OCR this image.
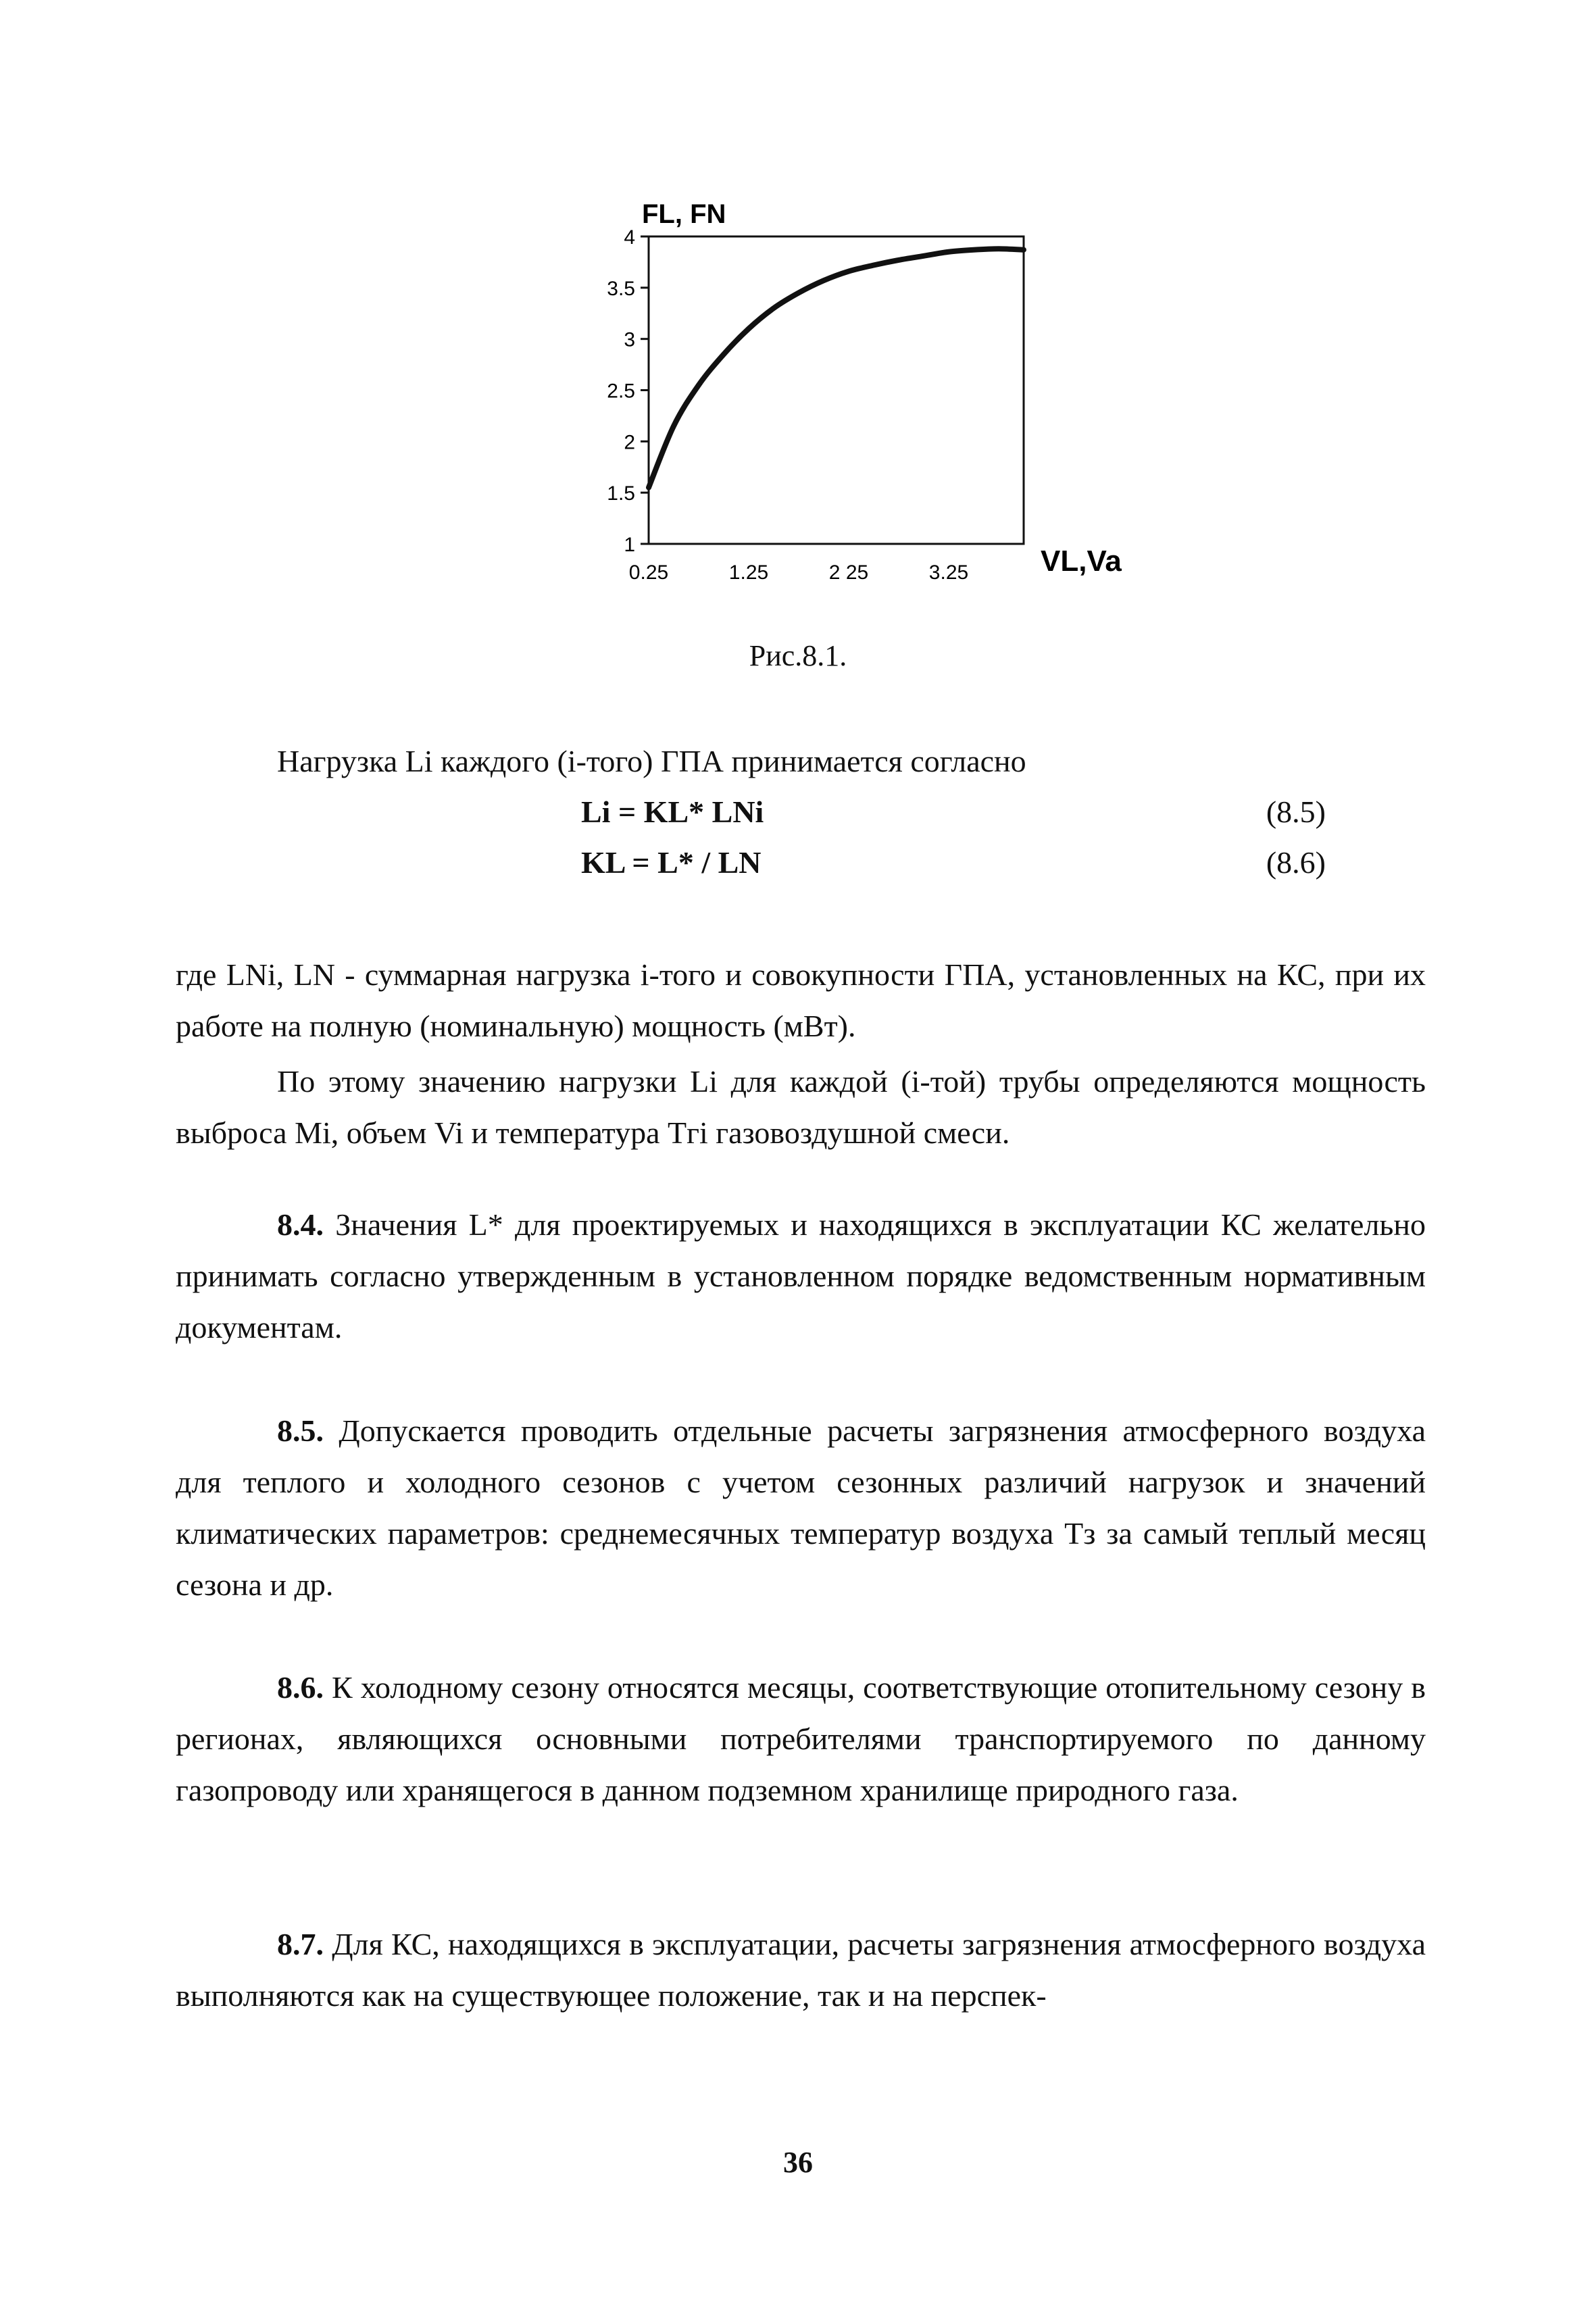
1
1.5
2
2.5
3
3.5
4
0.25	1.25	2 25	3.25
FL, FN
VL,Va
Рис.8.1.
Нагрузка Li каждого (i-того) ГПА принимается согласно
Li = KL* LNi	(8.5)
KL = L* / LN	(8.6)

где LNi, LN - суммарная нагрузка i-того и совокупности ГПА, установленных на КС, при их работе на полную (номинальную) мощность (мВт).

По этому значению нагрузки Li для каждой (i-той) трубы определяются мощность выброса Mi, объем Vi и температура Tгi газовоздушной смеси.

8.4. Значения L* для проектируемых и находящихся в эксплуатации КС желательно принимать согласно утвержденным в установленном порядке ведомственным нормативным документам.

8.5. Допускается проводить отдельные расчеты загрязнения атмосферного воздуха для теплого и холодного сезонов с учетом сезонных различий нагрузок и значений климатических параметров: среднемесячных температур воздуха Tз за самый теплый месяц сезона и др.

8.6. К холодному сезону относятся месяцы, соответствующие отопительному сезону в регионах, являющихся основными потребителями транспортируемого по данному газопроводу или хранящегося в данном подземном хранилище природного газа.

8.7. Для КС, находящихся в эксплуатации, расчеты загрязнения атмосферного воздуха выполняются как на существующее положение, так и на перспек-

36
